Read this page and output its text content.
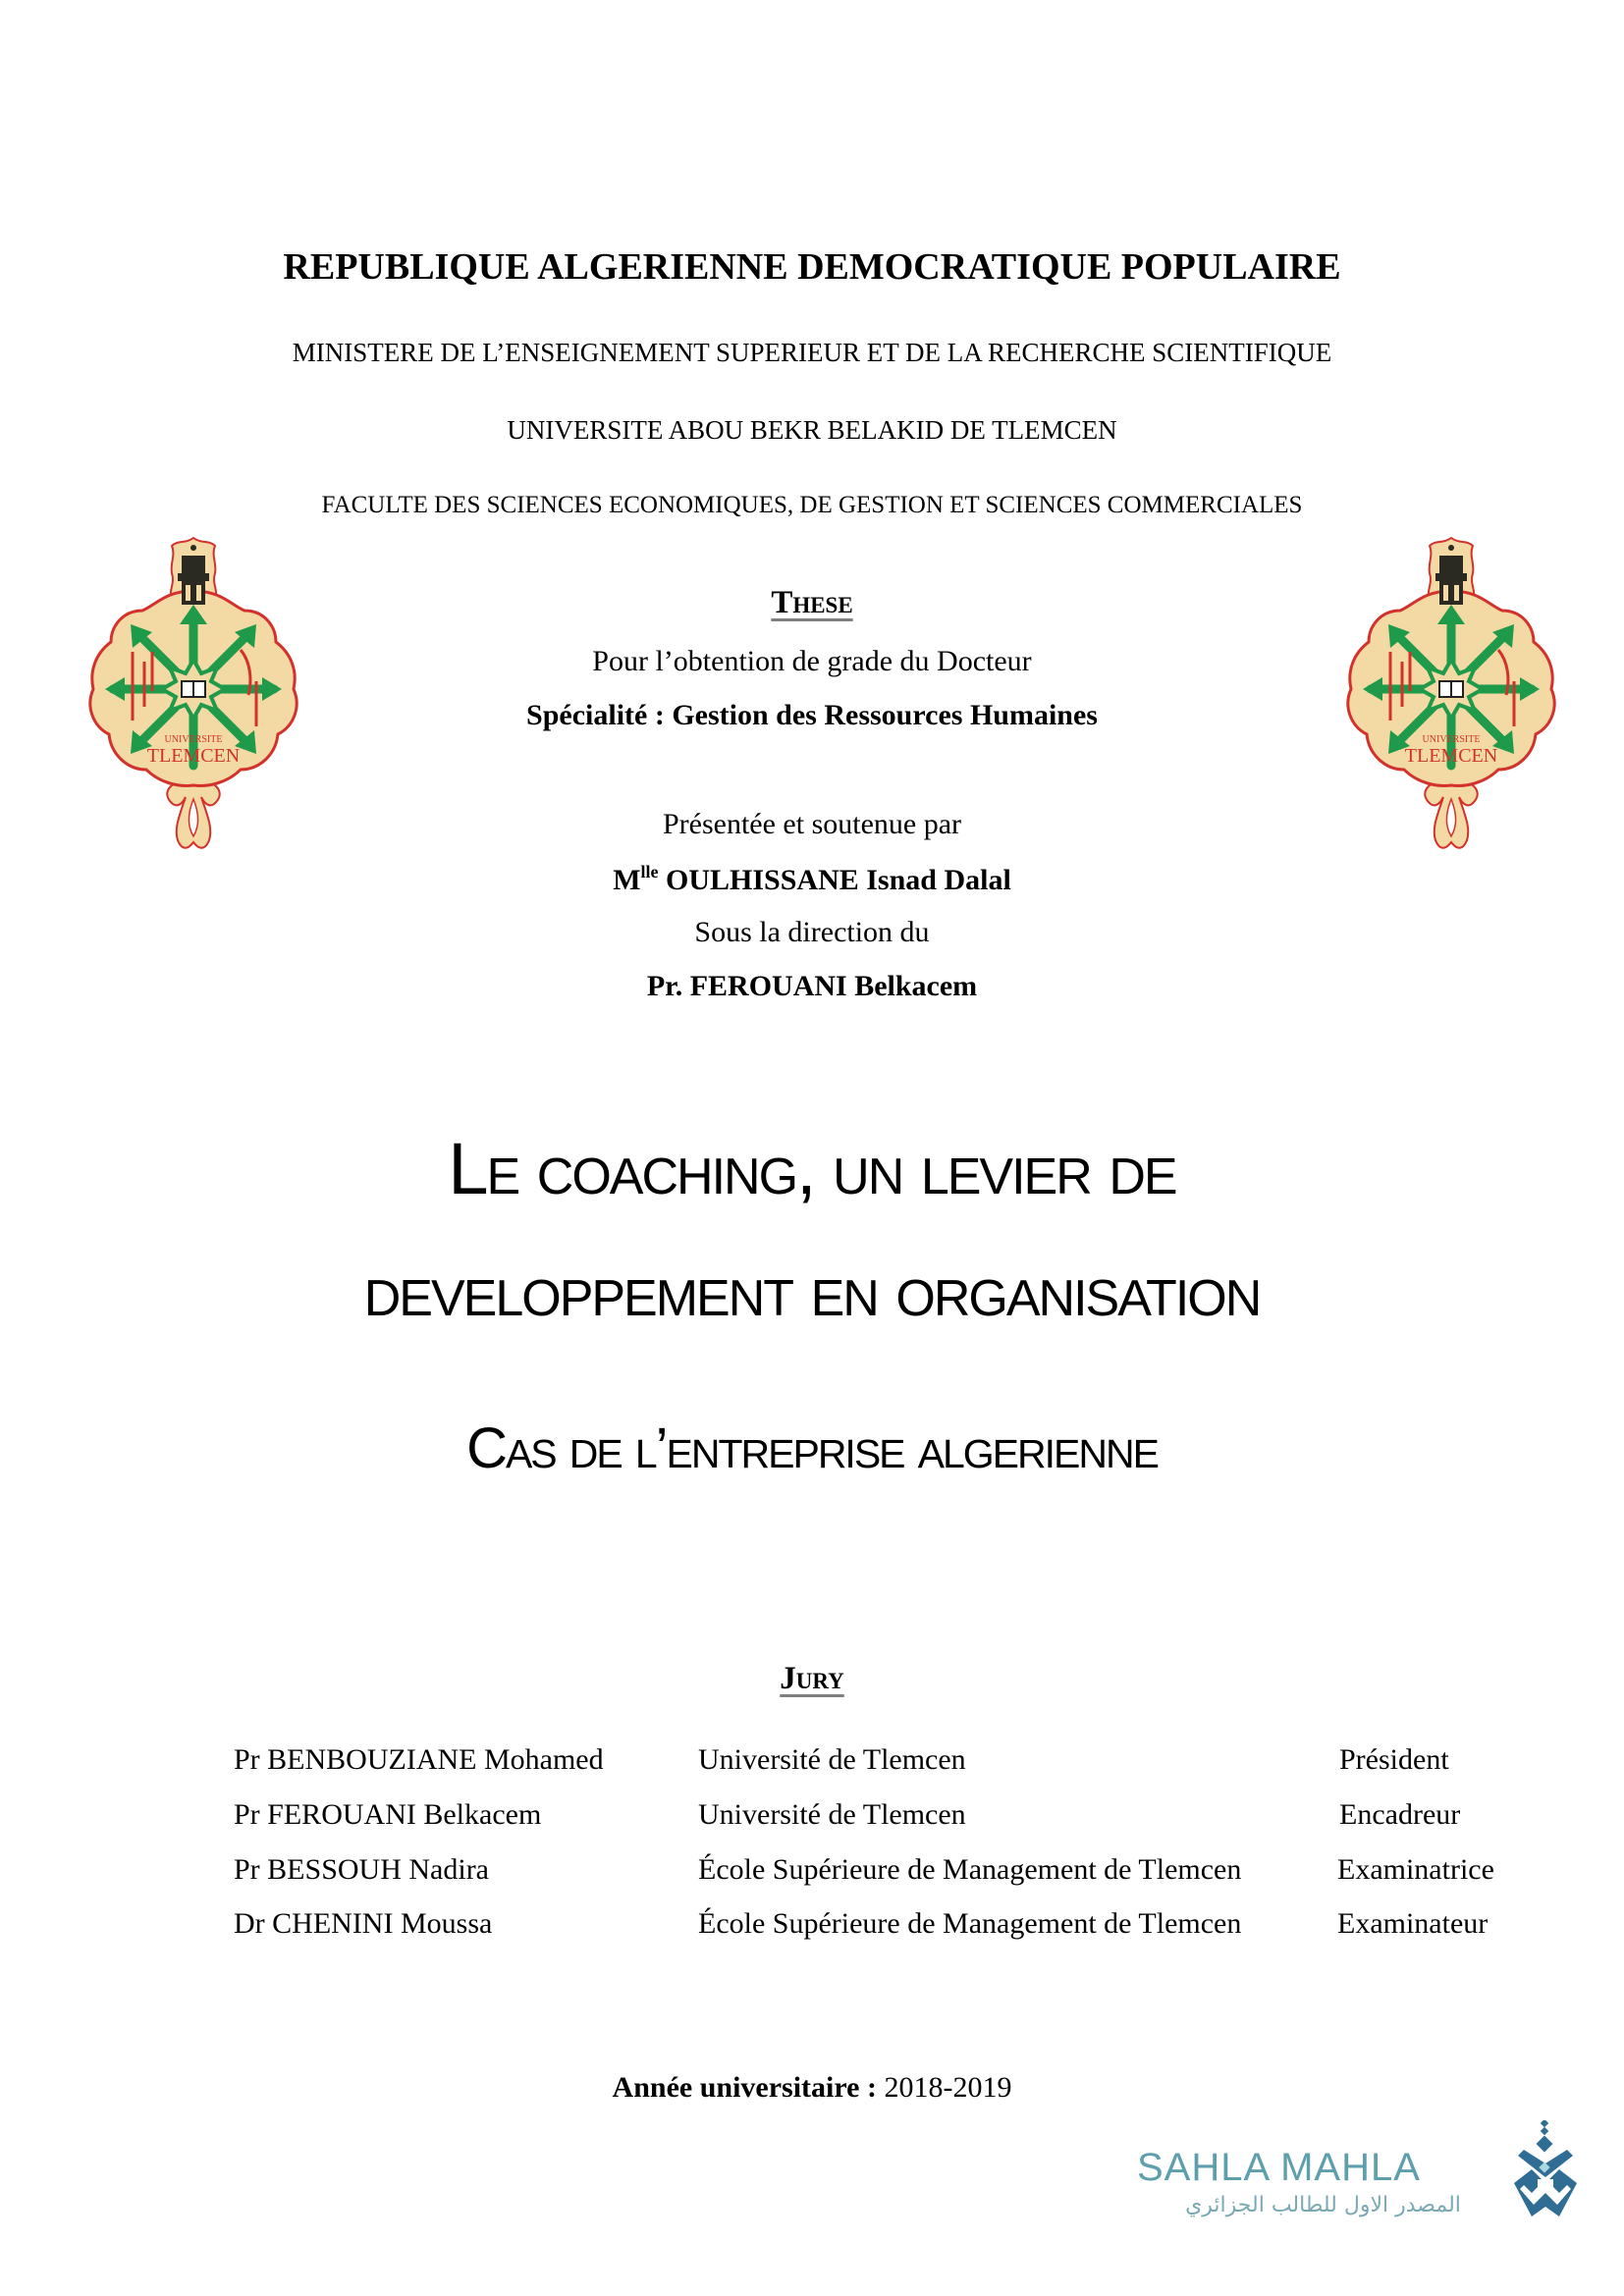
REPUBLIQUE ALGERIENNE DEMOCRATIQUE POPULAIRE
MINISTERE DE L’ENSEIGNEMENT SUPERIEUR ET DE LA RECHERCHE SCIENTIFIQUE
UNIVERSITE ABOU BEKR BELAKID DE TLEMCEN
FACULTE DES SCIENCES ECONOMIQUES, DE GESTION ET SCIENCES COMMERCIALES
UNIVERSITE
TLEMCEN
UNIVERSITE
TLEMCEN
These
Pour l’obtention de grade du Docteur
Spécialité : Gestion des Ressources Humaines
Présentée et soutenue par
$M^{lle}$ OULHISSANE Isnad Dalal
Sous la direction du
Pr. FEROUANI Belkacem
Le coaching, un levier de
developpement en organisation
Cas de l’entreprise algerienne
Jury
Pr BENBOUZIANE Mohamed	Université de Tlemcen	Président
Pr FEROUANI Belkacem	Université de Tlemcen	Encadreur
Pr BESSOUH Nadira	École Supérieure de Management de Tlemcen	Examinatrice
Dr CHENINI Moussa	École Supérieure de Management de Tlemcen	Examinateur
Année universitaire : 2018-2019
SAHLA MAHLA
المصدر الاول للطالب الجزائري
